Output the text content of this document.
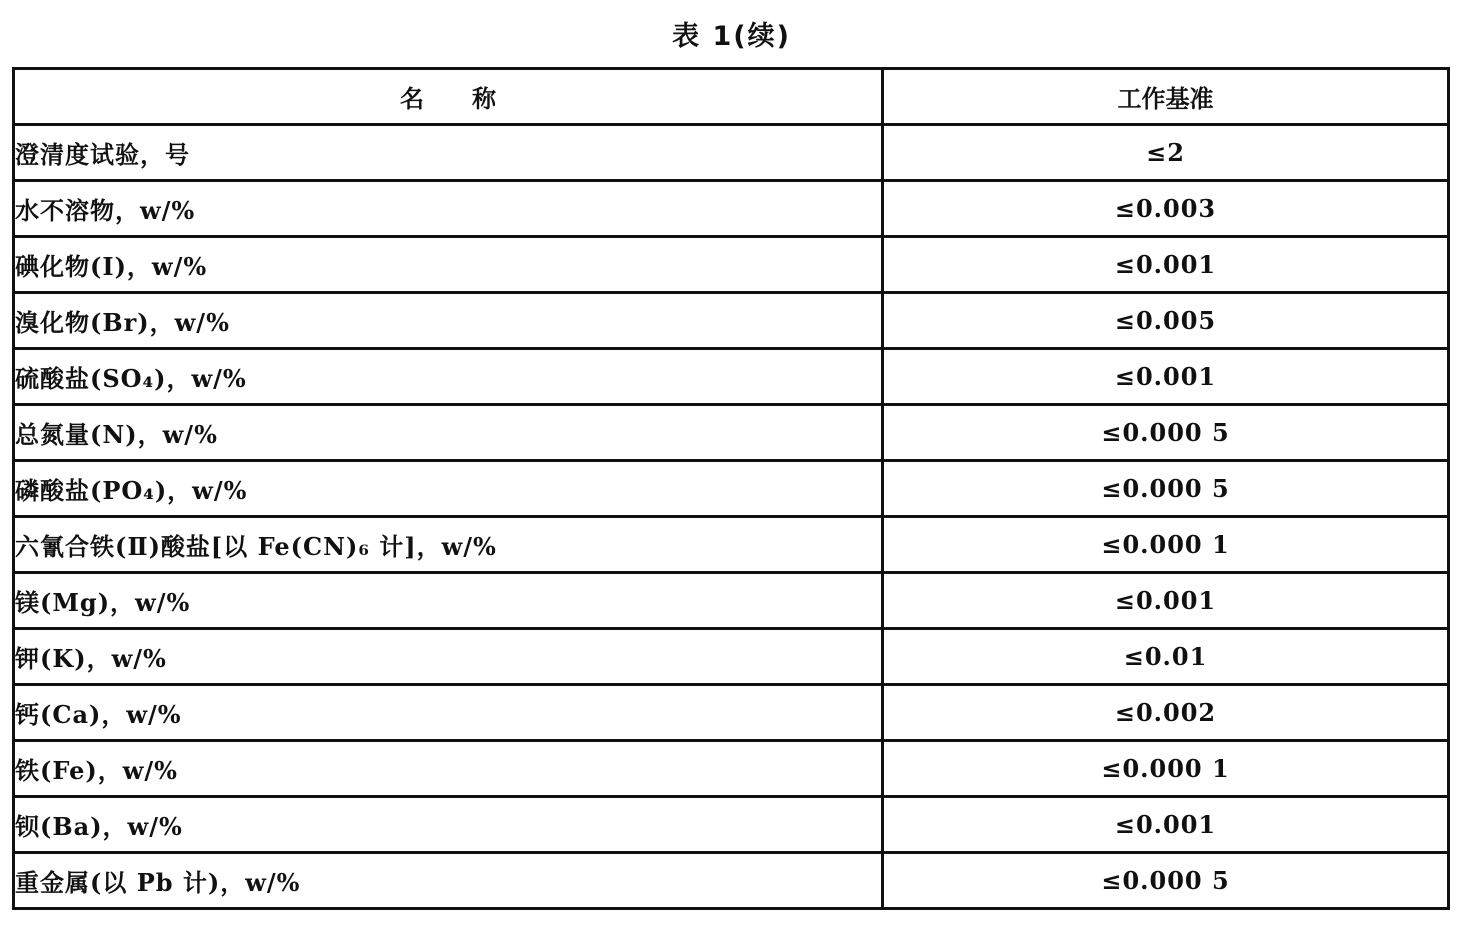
表 1(续)
名　　称	工作基准
澄清度试验，号	≤2
水不溶物，w/%	≤0.003
碘化物(I)，w/%	≤0.001
溴化物(Br)，w/%	≤0.005
硫酸盐(SO₄)，w/%	≤0.001
总氮量(N)，w/%	≤0.000 5
磷酸盐(PO₄)，w/%	≤0.000 5
六氰合铁(Ⅱ)酸盐[以 Fe(CN)₆ 计]，w/%	≤0.000 1
镁(Mg)，w/%	≤0.001
钾(K)，w/%	≤0.01
钙(Ca)，w/%	≤0.002
铁(Fe)，w/%	≤0.000 1
钡(Ba)，w/%	≤0.001
重金属(以 Pb 计)，w/%	≤0.000 5
